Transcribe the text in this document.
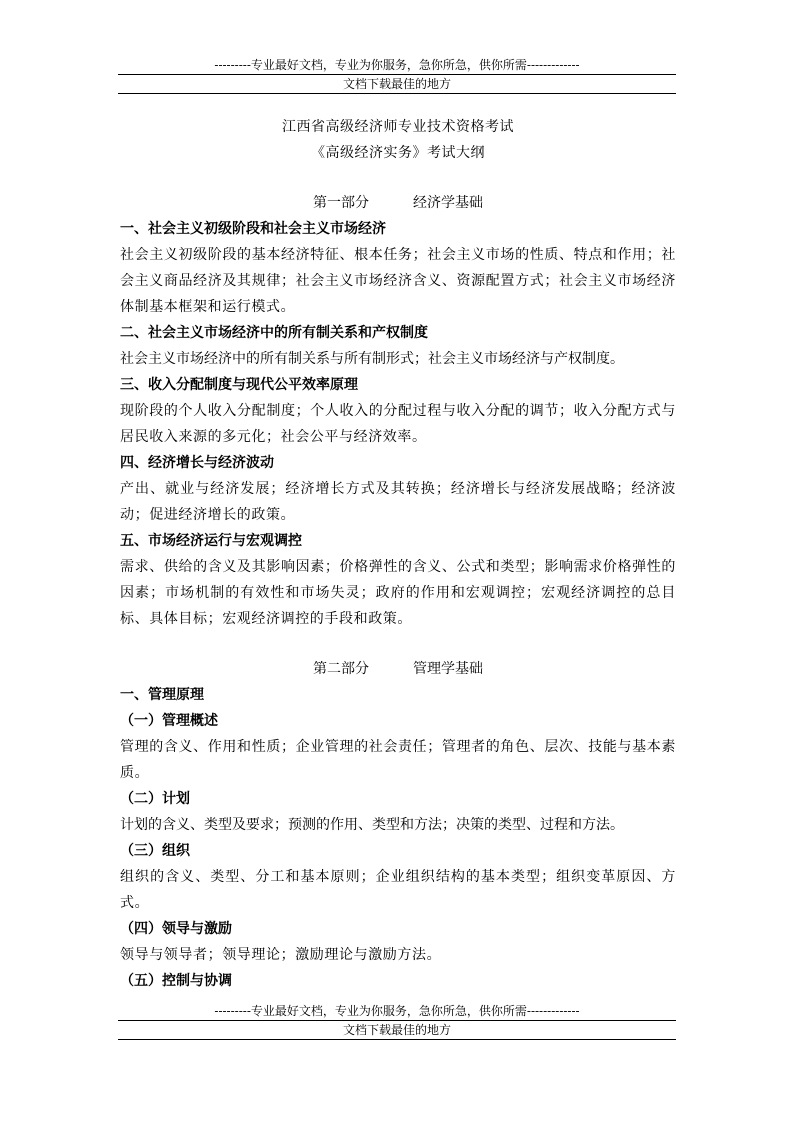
---------专业最好文档，专业为你服务，急你所急，供你所需-------------
文档下载最佳的地方

江西省高级经济师专业技术资格考试

《高级经济实务》考试大纲

第一部分	经济学基础

一、社会主义初级阶段和社会主义市场经济

社会主义初级阶段的基本经济特征、根本任务；社会主义市场的性质、特点和作用；社会主义商品经济及其规律；社会主义市场经济含义、资源配置方式；社会主义市场经济体制基本框架和运行模式。

二、社会主义市场经济中的所有制关系和产权制度

社会主义市场经济中的所有制关系与所有制形式；社会主义市场经济与产权制度。

三、收入分配制度与现代公平效率原理

现阶段的个人收入分配制度；个人收入的分配过程与收入分配的调节；收入分配方式与居民收入来源的多元化；社会公平与经济效率。

四、经济增长与经济波动

产出、就业与经济发展；经济增长方式及其转换；经济增长与经济发展战略；经济波动；促进经济增长的政策。

五、市场经济运行与宏观调控

需求、供给的含义及其影响因素；价格弹性的含义、公式和类型；影响需求价格弹性的因素；市场机制的有效性和市场失灵；政府的作用和宏观调控；宏观经济调控的总目标、具体目标；宏观经济调控的手段和政策。

第二部分	管理学基础

一、管理原理

（一）管理概述

管理的含义、作用和性质；企业管理的社会责任；管理者的角色、层次、技能与基本素质。

（二）计划

计划的含义、类型及要求；预测的作用、类型和方法；决策的类型、过程和方法。

（三）组织

组织的含义、类型、分工和基本原则；企业组织结构的基本类型；组织变革原因、方式。

（四）领导与激励

领导与领导者；领导理论；激励理论与激励方法。

（五）控制与协调

---------专业最好文档，专业为你服务，急你所急，供你所需-------------
文档下载最佳的地方
